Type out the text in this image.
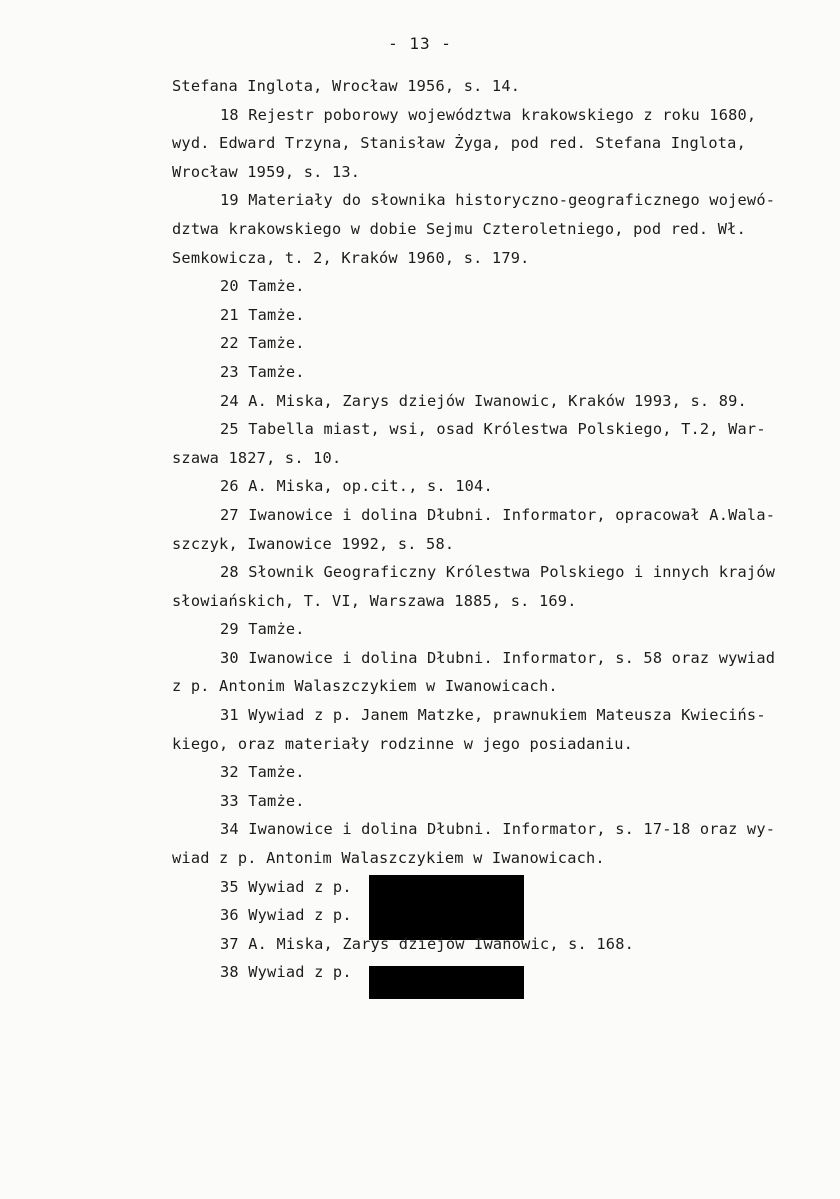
- 13 -
Stefana Inglota, Wrocław 1956, s. 14.
18 Rejestr poborowy województwa krakowskiego z roku 1680,
wyd. Edward Trzyna, Stanisław Żyga, pod red. Stefana Inglota,
Wrocław 1959, s. 13.
19 Materiały do słownika historyczno-geograficznego wojewó-
dztwa krakowskiego w dobie Sejmu Czteroletniego, pod red. Wł.
Semkowicza, t. 2, Kraków 1960, s. 179.
20 Tamże.
21 Tamże.
22 Tamże.
23 Tamże.
24 A. Miska, Zarys dziejów Iwanowic, Kraków 1993, s. 89.
25 Tabella miast, wsi, osad Królestwa Polskiego, T.2, War-
szawa 1827, s. 10.
26 A. Miska, op.cit., s. 104.
27 Iwanowice i dolina Dłubni. Informator, opracował A.Wala-
szczyk, Iwanowice 1992, s. 58.
28 Słownik Geograficzny Królestwa Polskiego i innych krajów
słowiańskich, T. VI, Warszawa 1885, s. 169.
29 Tamże.
30 Iwanowice i dolina Dłubni. Informator, s. 58 oraz wywiad
z p. Antonim Walaszczykiem w Iwanowicach.
31 Wywiad z p. Janem Matzke, prawnukiem Mateusza Kwiecińs-
kiego, oraz materiały rodzinne w jego posiadaniu.
32 Tamże.
33 Tamże.
34 Iwanowice i dolina Dłubni. Informator, s. 17-18 oraz wy-
wiad z p. Antonim Walaszczykiem w Iwanowicach.
35 Wywiad z p.
36 Wywiad z p.
37 A. Miska, Zarys dziejów Iwanowic, s. 168.
38 Wywiad z p.
